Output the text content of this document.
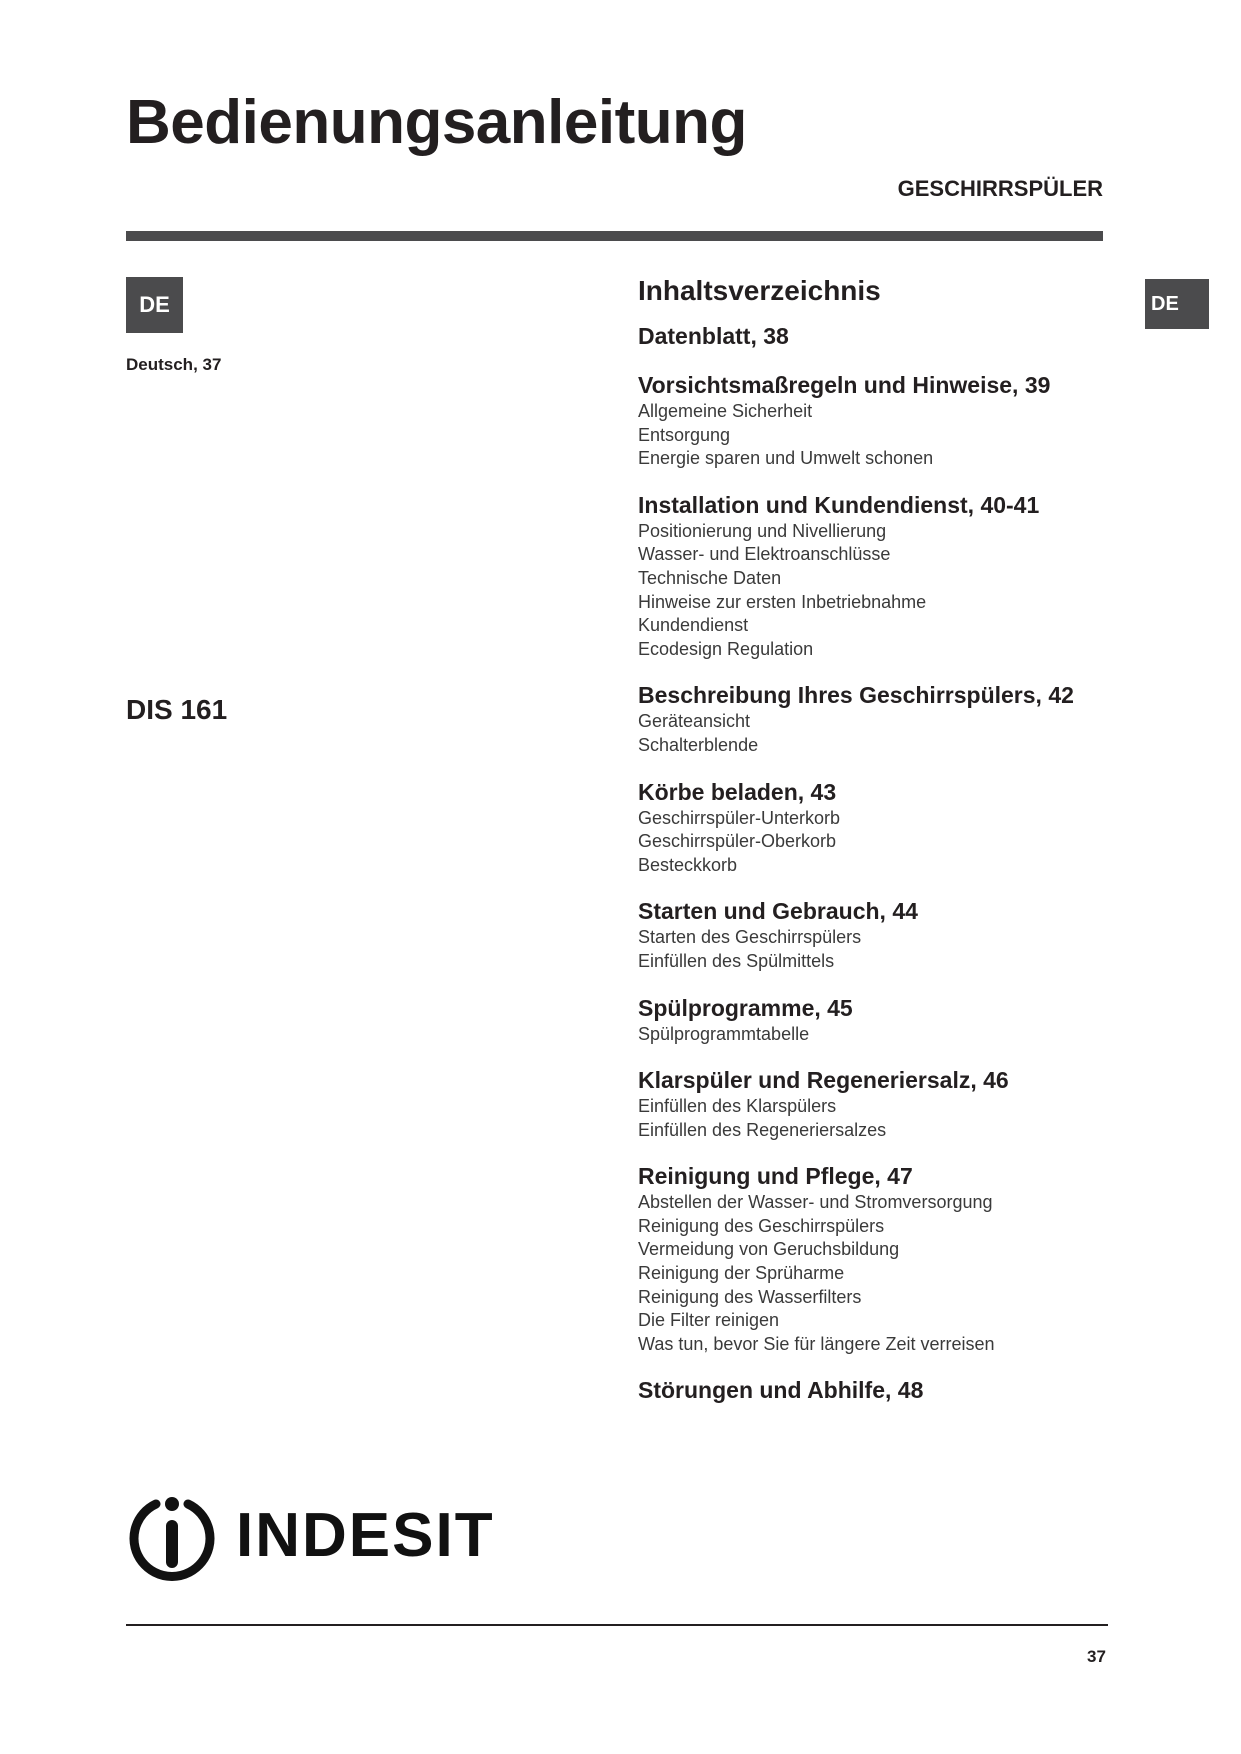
Bedienungsanleitung
GESCHIRRSPÜLER
DE
Deutsch, 37
DIS 161
DE
Inhaltsverzeichnis
Datenblatt, 38
Vorsichtsmaßregeln und Hinweise, 39
Allgemeine Sicherheit
Entsorgung
Energie sparen und Umwelt schonen
Installation und Kundendienst, 40-41
Positionierung und Nivellierung
Wasser- und Elektroanschlüsse
Technische Daten
Hinweise zur ersten Inbetriebnahme
Kundendienst
Ecodesign Regulation
Beschreibung Ihres Geschirrspülers, 42
Geräteansicht
Schalterblende
Körbe beladen, 43
Geschirrspüler-Unterkorb
Geschirrspüler-Oberkorb
Besteckkorb
Starten und Gebrauch, 44
Starten des Geschirrspülers
Einfüllen des Spülmittels
Spülprogramme, 45
Spülprogrammtabelle
Klarspüler und Regeneriersalz, 46
Einfüllen des Klarspülers
Einfüllen des Regeneriersalzes
Reinigung und Pflege, 47
Abstellen der Wasser- und Stromversorgung
Reinigung des Geschirrspülers
Vermeidung von Geruchsbildung
Reinigung der Sprüharme
Reinigung des Wasserfilters
Die Filter reinigen
Was tun, bevor Sie für längere Zeit verreisen
Störungen und Abhilfe, 48
INDESIT
37
